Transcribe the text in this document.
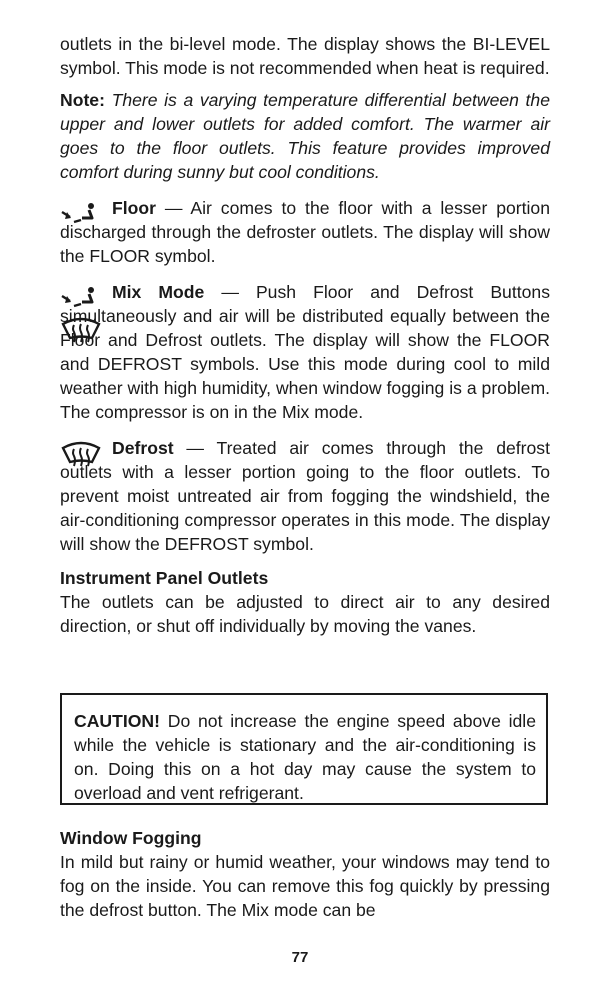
outlets in the bi-level mode. The display shows the BI-LEVEL symbol. This mode is not recommended when heat is required.

Note: There is a varying temperature differential between the upper and lower outlets for added comfort. The warmer air goes to the floor outlets. This feature provides improved comfort during sunny but cool conditions.

Floor — Air comes to the floor with a lesser portion discharged through the defroster outlets. The display will show the FLOOR symbol.

Mix Mode — Push Floor and Defrost Buttons simultaneously and air will be distributed equally between the Floor and Defrost outlets. The display will show the FLOOR and DEFROST symbols. Use this mode during cool to mild weather with high humidity, when window fogging is a problem. The compressor is on in the Mix mode.

Defrost — Treated air comes through the defrost outlets with a lesser portion going to the floor outlets. To prevent moist untreated air from fogging the windshield, the air-conditioning compressor operates in this mode. The display will show the DEFROST symbol.

Instrument Panel Outlets

The outlets can be adjusted to direct air to any desired direction, or shut off individually by moving the vanes.

CAUTION! Do not increase the engine speed above idle while the vehicle is stationary and the air-conditioning is on. Doing this on a hot day may cause the system to overload and vent refrigerant.

Window Fogging

In mild but rainy or humid weather, your windows may tend to fog on the inside. You can remove this fog quickly by pressing the defrost button. The Mix mode can be

77
